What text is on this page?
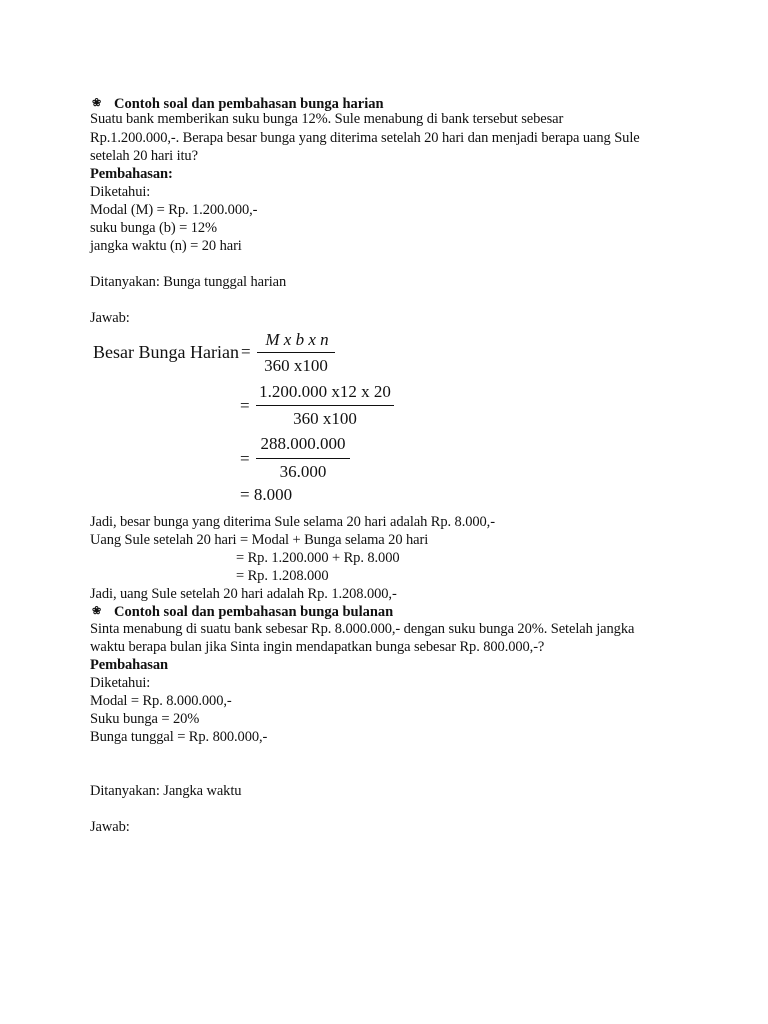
❀ Contoh soal dan pembahasan bunga harian
Suatu bank memberikan suku bunga 12%. Sule menabung di bank tersebut sebesar
Rp.1.200.000,-. Berapa besar bunga yang diterima setelah 20 hari dan menjadi berapa uang Sule
setelah 20 hari itu?
Pembahasan:
Diketahui:
Modal (M) = Rp. 1.200.000,-
suku bunga (b) = 12%
jangka waktu (n) = 20 hari
Ditanyakan: Bunga tunggal harian
Jawab:
Besar Bunga Harian =
M x b x n
360 x100
=
1.200.000 x12 x 20
360 x100
=
288.000.000
36.000
= 8.000
Jadi, besar bunga yang diterima Sule selama 20 hari adalah Rp. 8.000,-
Uang Sule setelah 20 hari = Modal + Bunga selama 20 hari
= Rp. 1.200.000 + Rp. 8.000
= Rp. 1.208.000
Jadi, uang Sule setelah 20 hari adalah Rp. 1.208.000,-
❀ Contoh soal dan pembahasan bunga bulanan
Sinta menabung di suatu bank sebesar Rp. 8.000.000,- dengan suku bunga 20%. Setelah jangka
waktu berapa bulan jika Sinta ingin mendapatkan bunga sebesar Rp. 800.000,-?
Pembahasan
Diketahui:
Modal = Rp. 8.000.000,-
Suku bunga = 20%
Bunga tunggal = Rp. 800.000,-
Ditanyakan: Jangka waktu
Jawab:
